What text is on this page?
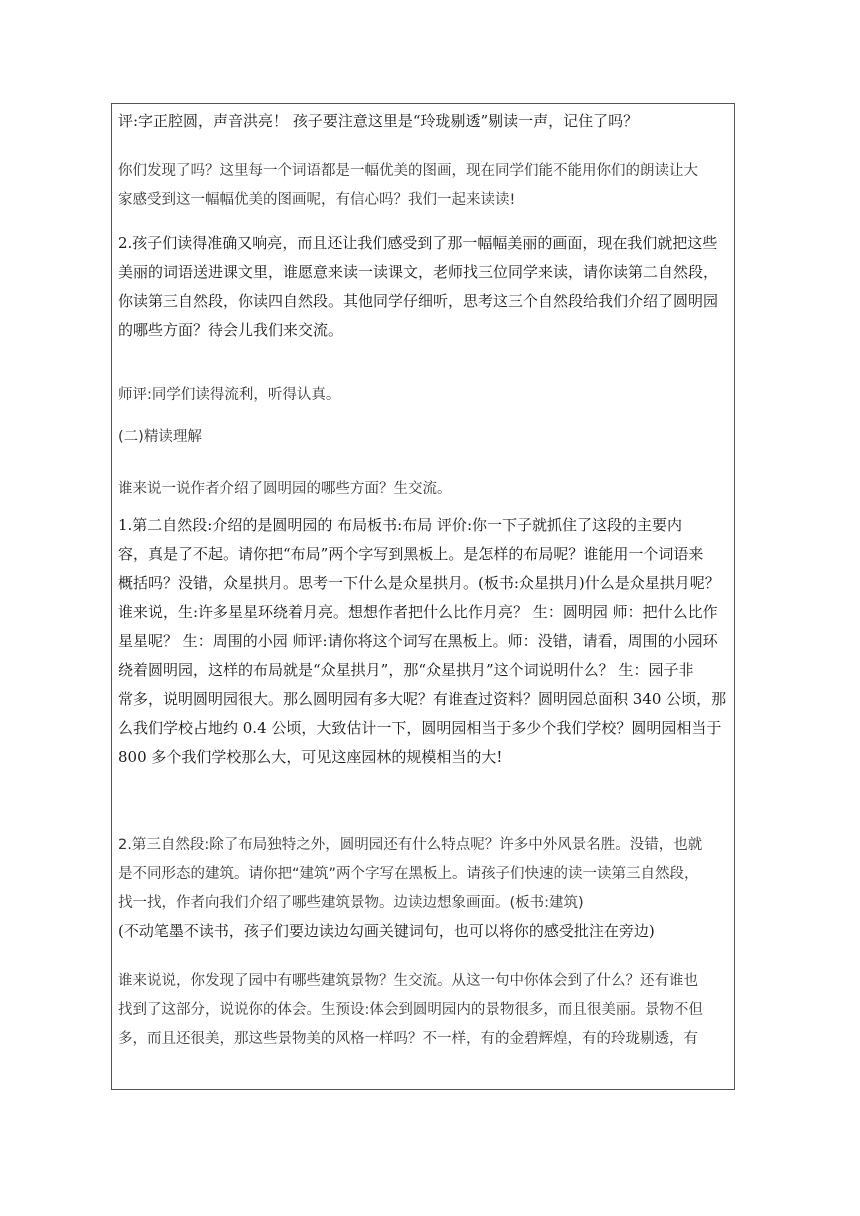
评:字正腔圆，声音洪亮！ 孩子要注意这里是“玲珑剔透”剔读一声，记住了吗？
你们发现了吗？这里每一个词语都是一幅优美的图画，现在同学们能不能用你们的朗读让大
家感受到这一幅幅优美的图画呢，有信心吗？我们一起来读读!
2.孩子们读得准确又响亮，而且还让我们感受到了那一幅幅美丽的画面，现在我们就把这些
美丽的词语送进课文里，谁愿意来读一读课文，老师找三位同学来读，请你读第二自然段，
你读第三自然段，你读四自然段。其他同学仔细听，思考这三个自然段给我们介绍了圆明园
的哪些方面？待会儿我们来交流。
师评:同学们读得流利，听得认真。
(二)精读理解
谁来说一说作者介绍了圆明园的哪些方面？生交流。
1.第二自然段:介绍的是圆明园的 布局板书:布局 评价:你一下子就抓住了这段的主要内
容，真是了不起。请你把“布局”两个字写到黑板上。是怎样的布局呢？谁能用一个词语来
概括吗？没错，众星拱月。思考一下什么是众星拱月。(板书:众星拱月)什么是众星拱月呢？
谁来说，生:许多星星环绕着月亮。想想作者把什么比作月亮？ 生：圆明园 师：把什么比作
星星呢？ 生：周围的小园 师评:请你将这个词写在黑板上。师：没错，请看，周围的小园环
绕着圆明园，这样的布局就是“众星拱月”，那“众星拱月”这个词说明什么？ 生：园子非
常多，说明圆明园很大。那么圆明园有多大呢？有谁查过资料？圆明园总面积 340 公顷，那
么我们学校占地约 0.4 公顷，大致估计一下，圆明园相当于多少个我们学校？圆明园相当于
800 多个我们学校那么大，可见这座园林的规模相当的大!
2.第三自然段:除了布局独特之外，圆明园还有什么特点呢？许多中外风景名胜。没错，也就
是不同形态的建筑。请你把“建筑”两个字写在黑板上。请孩子们快速的读一读第三自然段，
找一找，作者向我们介绍了哪些建筑景物。边读边想象画面。(板书:建筑)
(不动笔墨不读书，孩子们要边读边勾画关键词句，也可以将你的感受批注在旁边)
谁来说说，你发现了园中有哪些建筑景物？生交流。从这一句中你体会到了什么？还有谁也
找到了这部分，说说你的体会。生预设:体会到圆明园内的景物很多，而且很美丽。景物不但
多，而且还很美，那这些景物美的风格一样吗？不一样，有的金碧辉煌，有的玲珑剔透，有
